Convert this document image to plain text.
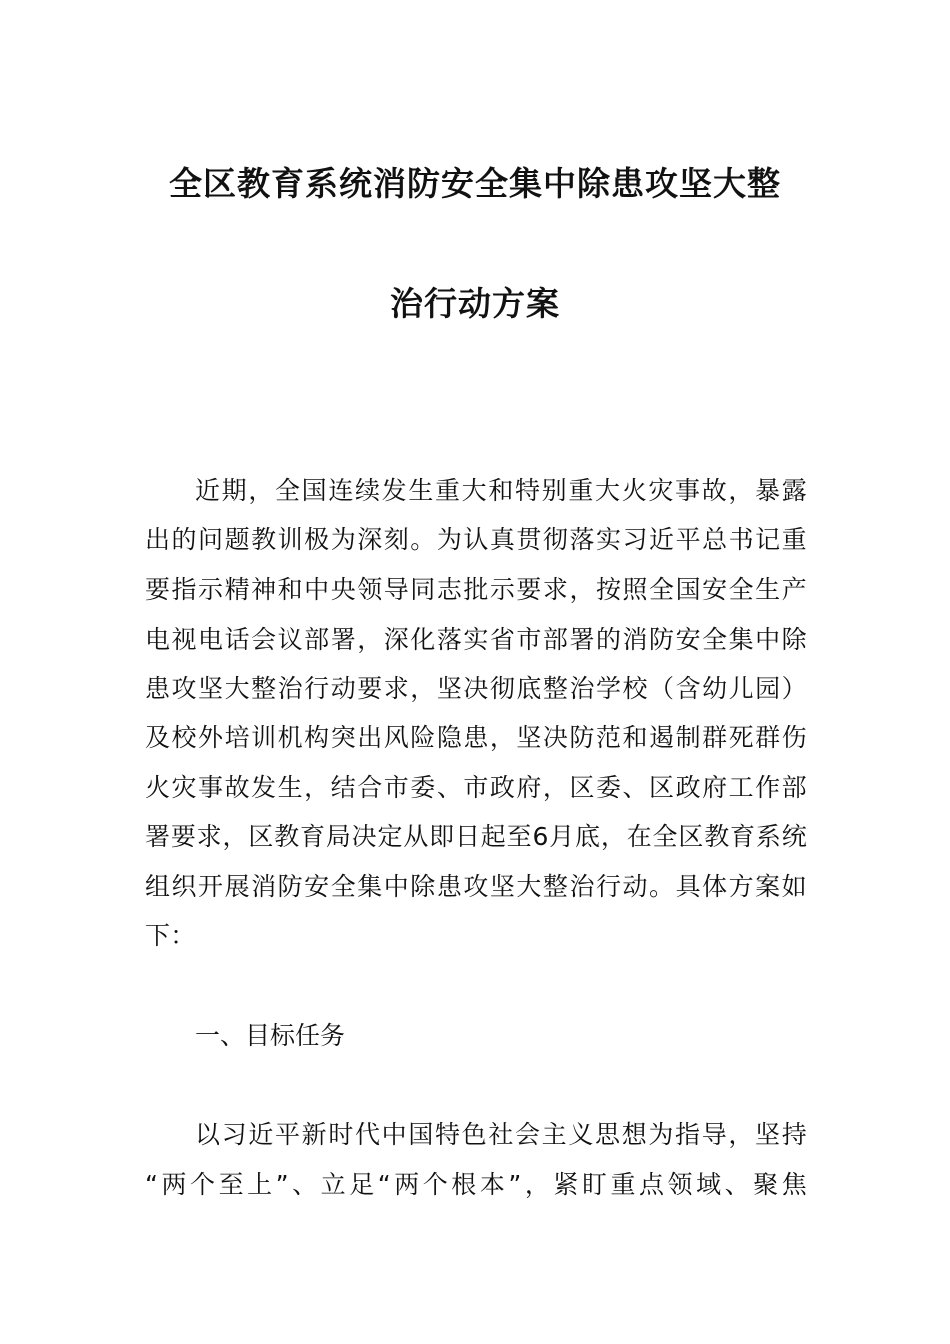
全区教育系统消防安全集中除患攻坚大整
治行动方案
近期，全国连续发生重大和特别重大火灾事故，暴露
出的问题教训极为深刻。为认真贯彻落实习近平总书记重
要指示精神和中央领导同志批示要求，按照全国安全生产
电视电话会议部署，深化落实省市部署的消防安全集中除
患攻坚大整治行动要求，坚决彻底整治学校（含幼儿园）
及校外培训机构突出风险隐患，坚决防范和遏制群死群伤
火灾事故发生，结合市委、市政府，区委、区政府工作部
署要求，区教育局决定从即日起至6月底，在全区教育系统
组织开展消防安全集中除患攻坚大整治行动。具体方案如
下：
一、目标任务
以习近平新时代中国特色社会主义思想为指导，坚持
“两个至上”、立足“两个根本”，紧盯重点领域、聚焦
